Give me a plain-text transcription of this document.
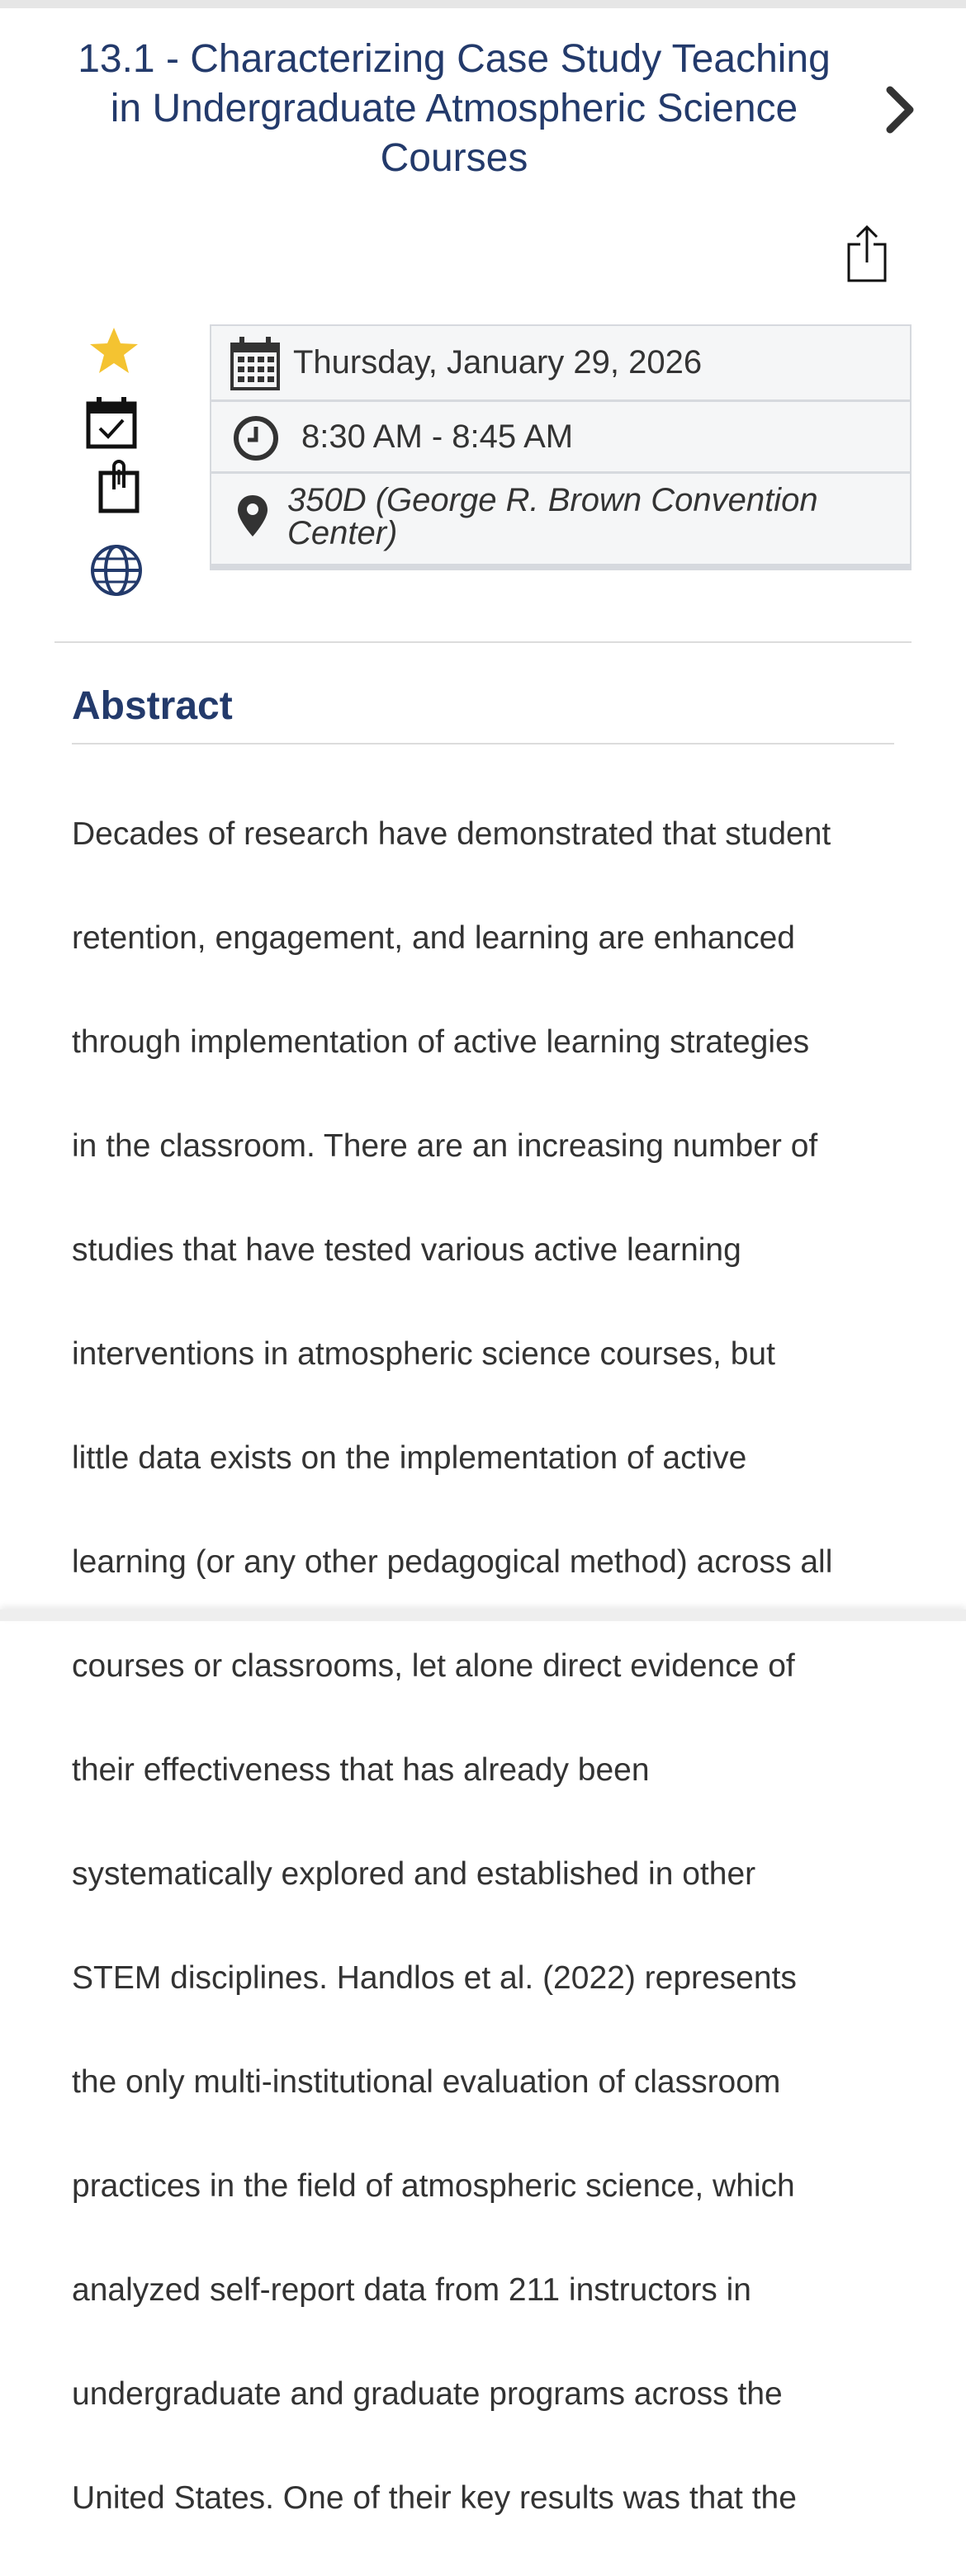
13.1 - Characterizing Case Study Teaching in Undergraduate Atmospheric Science Courses
Thursday, January 29, 2026
8:30 AM - 8:45 AM
350D (George R. Brown Convention Center)
Abstract

Decades of research have demonstrated that student

retention, engagement, and learning are enhanced

through implementation of active learning strategies

in the classroom. There are an increasing number of

studies that have tested various active learning

interventions in atmospheric science courses, but

little data exists on the implementation of active

learning (or any other pedagogical method) across all

courses or classrooms, let alone direct evidence of

their effectiveness that has already been

systematically explored and established in other

STEM disciplines. Handlos et al. (2022) represents

the only multi-institutional evaluation of classroom

practices in the field of atmospheric science, which

analyzed self-report data from 211 instructors in

undergraduate and graduate programs across the

United States. One of their key results was that the
